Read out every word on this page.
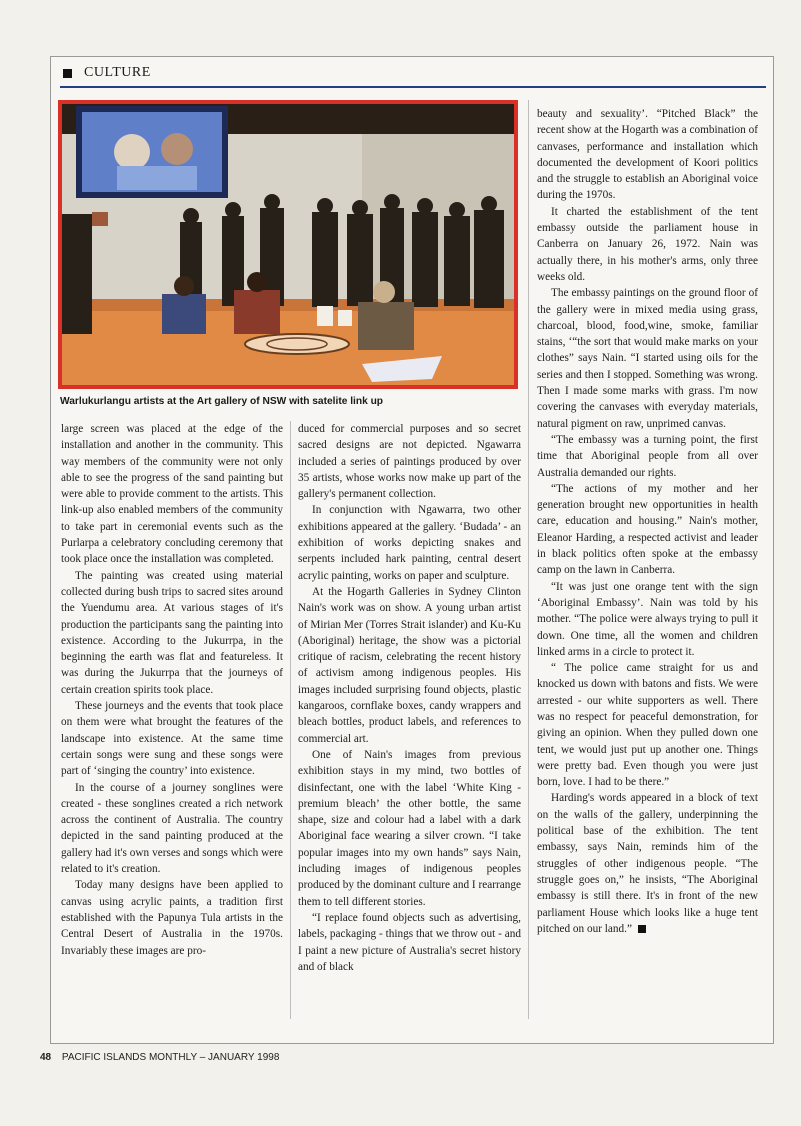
CULTURE
Warlukurlangu artists at the Art gallery of NSW with satelite link up

large screen was placed at the edge of the installation and another in the community. This way members of the community were not only able to see the progress of the sand painting but were able to provide comment to the artists. This link-up also enabled members of the community to take part in ceremonial events such as the Purlarpa a celebratory concluding ceremony that took place once the installation was completed.

The painting was created using material collected during bush trips to sacred sites around the Yuendumu area. At various stages of it's production the participants sang the painting into existence. According to the Jukurrpa, in the beginning the earth was flat and featureless. It was during the Jukurrpa that the journeys of certain creation spirits took place.

These journeys and the events that took place on them were what brought the features of the landscape into existence. At the same time certain songs were sung and these songs were part of ‘singing the country’ into existence.

In the course of a journey songlines were created - these songlines created a rich network across the continent of Australia. The country depicted in the sand painting produced at the gallery had it's own verses and songs which were related to it's creation.

Today many designs have been applied to canvas using acrylic paints, a tradition first established with the Papunya Tula artists in the Central Desert of Australia in the 1970s. Invariably these images are pro-

duced for commercial purposes and so secret sacred designs are not depicted. Ngawarra included a series of paintings produced by over 35 artists, whose works now make up part of the gallery's permanent collection.

In conjunction with Ngawarra, two other exhibitions appeared at the gallery. ‘Budada’ - an exhibition of works depicting snakes and serpents included hark painting, central desert acrylic painting, works on paper and sculpture.

At the Hogarth Galleries in Sydney Clinton Nain's work was on show. A young urban artist of Mirian Mer (Torres Strait islander) and Ku-Ku (Aboriginal) heritage, the show was a pictorial critique of racism, celebrating the recent history of activism among indigenous peoples. His images included surprising found objects, plastic kangaroos, cornflake boxes, candy wrappers and bleach bottles, product labels, and references to commercial art.

One of Nain's images from previous exhibition stays in my mind, two bottles of disinfectant, one with the label ‘White King - premium bleach’ the other bottle, the same shape, size and colour had a label with a dark Aboriginal face wearing a silver crown. “I take popular images into my own hands” says Nain, including images of indigenous peoples produced by the dominant culture and I rearrange them to tell different stories.

“I replace found objects such as advertising, labels, packaging - things that we throw out - and I paint a new picture of Australia's secret history and of black

beauty and sexuality’. “Pitched Black” the recent show at the Hogarth was a combination of canvases, performance and installation which documented the development of Koori politics and the struggle to establish an Aboriginal voice during the 1970s.

It charted the establishment of the tent embassy outside the parliament house in Canberra on January 26, 1972. Nain was actually there, in his mother's arms, only three weeks old.

The embassy paintings on the ground floor of the gallery were in mixed media using grass, charcoal, blood, food,wine, smoke, familiar stains, ‘“the sort that would make marks on your clothes” says Nain. “I started using oils for the series and then I stopped. Something was wrong. Then I made some marks with grass. I'm now covering the canvases with everyday materials, natural pigment on raw, unprimed canvas.

“The embassy was a turning point, the first time that Aboriginal people from all over Australia demanded our rights.

“The actions of my mother and her generation brought new opportunities in health care, education and housing.” Nain's mother, Eleanor Harding, a respected activist and leader in black politics often spoke at the embassy camp on the lawn in Canberra.

“It was just one orange tent with the sign ‘Aboriginal Embassy’. Nain was told by his mother. “The police were always trying to pull it down. One time, all the women and children linked arms in a circle to protect it.

“ The police came straight for us and knocked us down with batons and fists. We were arrested - our white supporters as well. There was no respect for peaceful demonstration, for giving an opinion. When they pulled down one tent, we would just put up another one. Things were pretty bad. Even though you were just born, love. I had to be there.”

Harding's words appeared in a block of text on the walls of the gallery, underpinning the political base of the exhibition. The tent embassy, says Nain, reminds him of the struggles of other indigenous people. “The struggle goes on,” he insists, “The Aboriginal embassy is still there. It's in front of the new parliament House which looks like a huge tent pitched on our land.”

48 PACIFIC ISLANDS MONTHLY – JANUARY 1998
